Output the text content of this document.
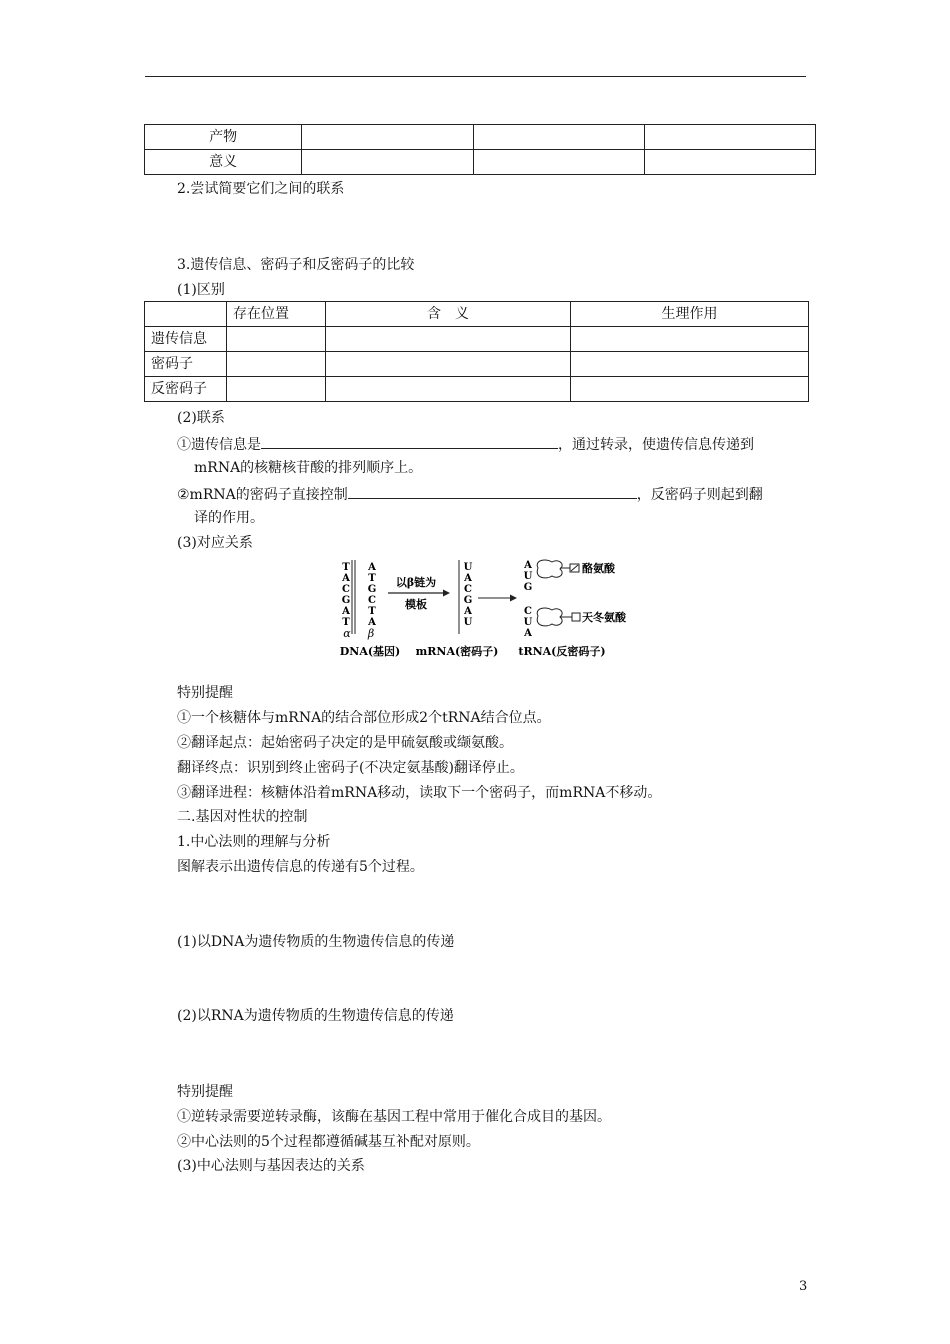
产物			
意义			
2.尝试简要它们之间的联系
3.遗传信息、密码子和反密码子的比较
(1)区别
	存在位置	含　义	生理作用
遗传信息			
密码子			
反密码子			
(2)联系
①遗传信息是	，通过转录，使遗传信息传递到
mRNA的核糖核苷酸的排列顺序上。
②mRNA的密码子直接控制	，反密码子则起到翻
译的作用。
(3)对应关系
T
A
C
G
A
T
A
T
G
C
T
A
α β
以β链为
模板
U
A
C
G
A
U
A
U
G
酪氨酸
C
U
A
天冬氨酸
DNA(基因) mRNA(密码子) tRNA(反密码子)
特别提醒
①一个核糖体与mRNA的结合部位形成2个tRNA结合位点。
②翻译起点：起始密码子决定的是甲硫氨酸或缬氨酸。
翻译终点：识别到终止密码子(不决定氨基酸)翻译停止。
③翻译进程：核糖体沿着mRNA移动，读取下一个密码子，而mRNA不移动。
二.基因对性状的控制
1.中心法则的理解与分析
图解表示出遗传信息的传递有5个过程。
(1)以DNA为遗传物质的生物遗传信息的传递
(2)以RNA为遗传物质的生物遗传信息的传递
特别提醒
①逆转录需要逆转录酶，该酶在基因工程中常用于催化合成目的基因。
②中心法则的5个过程都遵循碱基互补配对原则。
(3)中心法则与基因表达的关系
3
